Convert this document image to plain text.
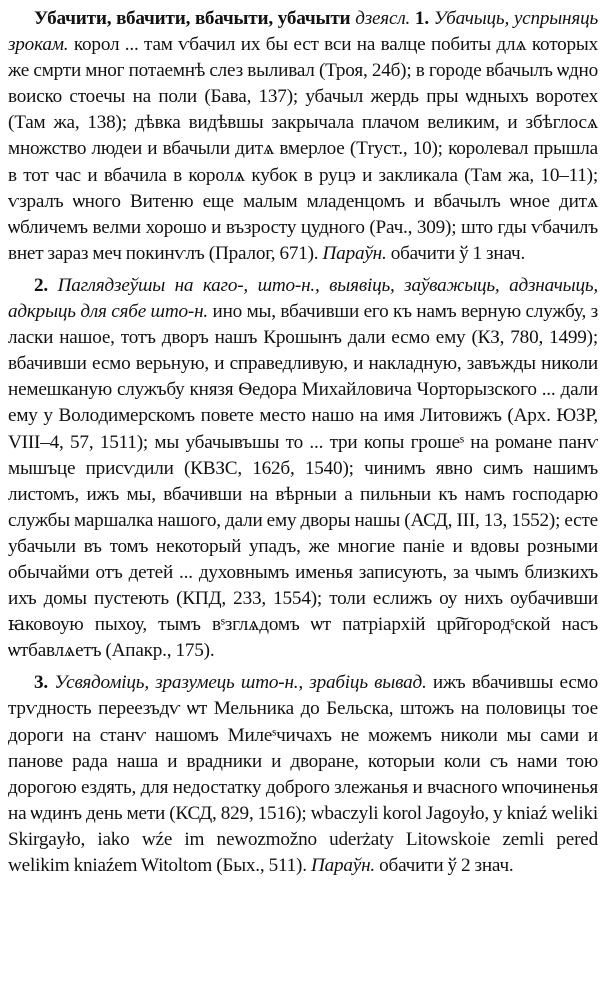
Убачити, вбачити, вбачыти, убачыти дзеясл. 1. Убачыць, успрыняць зрокам. корол ... там ѵбачил их бы ест вси на валце побиты длѧ которых же смрти мног потаемнѣ слез выливал (Троя, 24б); в городе вбачылъ ѡдно воиско стоечы на поли (Бава, 137); убачыл жердь пры ѡдныхъ воротех (Там жа, 138); дѣвка видѣвшы закрычала плачом великим, и збѣглосѧ множство людеи и вбачыли дитѧ вмерлое (Тryст., 10); королевал прышла в тот час и вбачила в королѧ кубок в руцэ и закликала (Там жа, 10–11); ѵзралъ ѡного Витеню еще малым младенцомъ и вбачылъ ѡное дитѧ ѡбличемъ велми хорошо и възросту цудного (Рач., 309); што гды ѵбачилъ внет зараз меч покинѵлъ (Пралог, 671). Параўн. обачити ў 1 знач.

2. Паглядзеўшы на каго-, што-н., выявіць, заўважыць, адзначыць, адкрыць для сябе што-н. ино мы, вбачивши его къ намъ верную службу, з ласки нашое, тотъ дворъ нашъ Крошынъ дали есмо ему (КЗ, 780, 1499); вбачивши есмо верьную, и справедливую, и накладную, завъжды николи немешканую служъбу князя Ѳедора Михайловича Чорторызского ... дали ему у Володимерскомъ повете место нашо на имя Литовижъ (Арх. ЮЗР, VIII–4, 57, 1511); мы убачывъшы то ... три копы грошеˢ на романе панѵ мышъце присѵдили (КВЗС, 162б, 1540); чинимъ явно симъ нашимъ листомъ, ижъ мы, вбачивши на вѣрныи а пильныи къ намъ господарю службы маршалка нашого, дали ему дворы нашы (АСД, III, 13, 1552); есте убачыли въ томъ некоторый упадъ, же многие паніе и вдовы розными обычайми отъ детей ... духовнымъ именья записують, за чымъ близкихъ ихъ домы пустеють (КПД, 233, 1554); толи еслижъ оу нихъ оубачивши ꙗковоую пыхоу, тымъ вˢзглѧдомъ ѡт патріархій цр͠игородˢской насъ ѡтбавлѧетъ (Апакр., 175).

3. Усвядоміць, зразумець што-н., зрабіць вывад. ижъ вбачившы есмо трѵдность переезъдѵ ѡт Мельника до Бельска, штожъ на половицы тое дороги на станѵ нашомъ Милеˢчичахъ не можемъ николи мы сами и панове рада наша и врадники и дворане, которыи коли съ нами тою дорогою ездять, для недостатку доброго злежанья и вчасного ѡпочиненья на ѡдинъ день мети (КСД, 829, 1516); wbaczyli korol Jagoyło, y kniaź weliki Skirgayło, iako wźe im newozmožno uderżaty Litowskoie zemli pered welikim kniaźem Witoltom (Бых., 511). Параўн. обачити ў 2 знач.
